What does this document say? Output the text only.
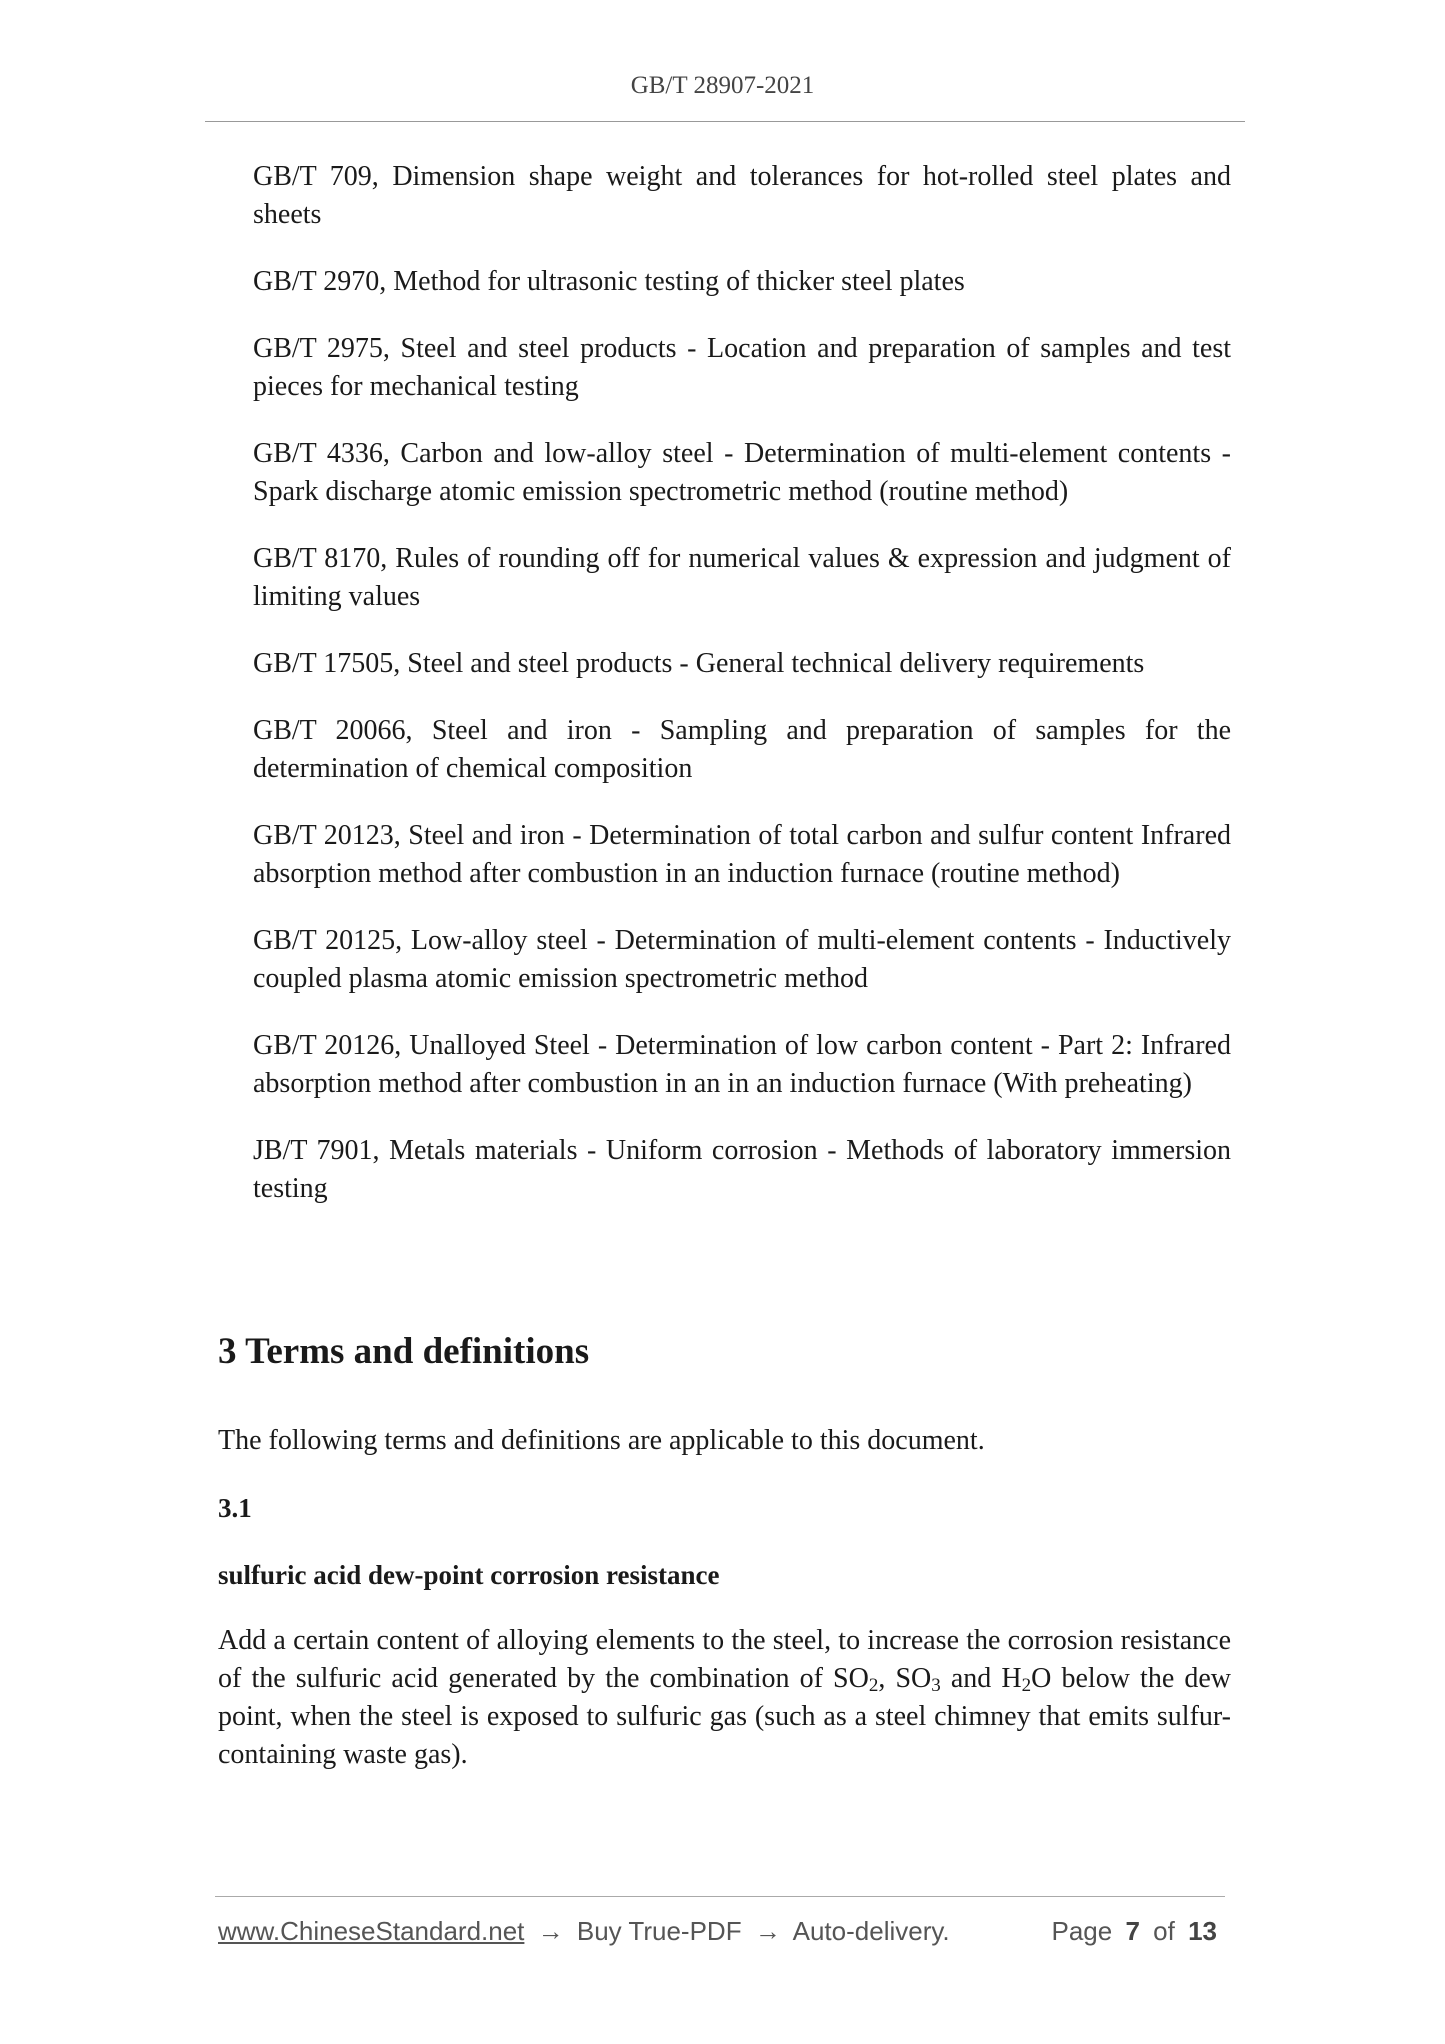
GB/T 28907-2021

GB/T 709, Dimension shape weight and tolerances for hot-rolled steel plates and sheets

GB/T 2970, Method for ultrasonic testing of thicker steel plates

GB/T 2975, Steel and steel products - Location and preparation of samples and test pieces for mechanical testing

GB/T 4336, Carbon and low-alloy steel - Determination of multi-element contents - Spark discharge atomic emission spectrometric method (routine method)

GB/T 8170, Rules of rounding off for numerical values & expression and judgment of limiting values

GB/T 17505, Steel and steel products - General technical delivery requirements

GB/T 20066, Steel and iron - Sampling and preparation of samples for the determination of chemical composition

GB/T 20123, Steel and iron - Determination of total carbon and sulfur content Infrared absorption method after combustion in an induction furnace (routine method)

GB/T 20125, Low-alloy steel - Determination of multi-element contents - Inductively coupled plasma atomic emission spectrometric method

GB/T 20126, Unalloyed Steel - Determination of low carbon content - Part 2: Infrared absorption method after combustion in an in an induction furnace (With preheating)

JB/T 7901, Metals materials - Uniform corrosion - Methods of laboratory immersion testing

3 Terms and definitions

The following terms and definitions are applicable to this document.

3.1

sulfuric acid dew-point corrosion resistance

Add a certain content of alloying elements to the steel, to increase the corrosion resistance of the sulfuric acid generated by the combination of $SO_2$, $SO_3$ and $H_2O$ below the dew point, when the steel is exposed to sulfuric gas (such as a steel chimney that emits sulfur-containing waste gas).

www.ChineseStandard.net → Buy True-PDF → Auto-delivery.	Page 7 of 13
